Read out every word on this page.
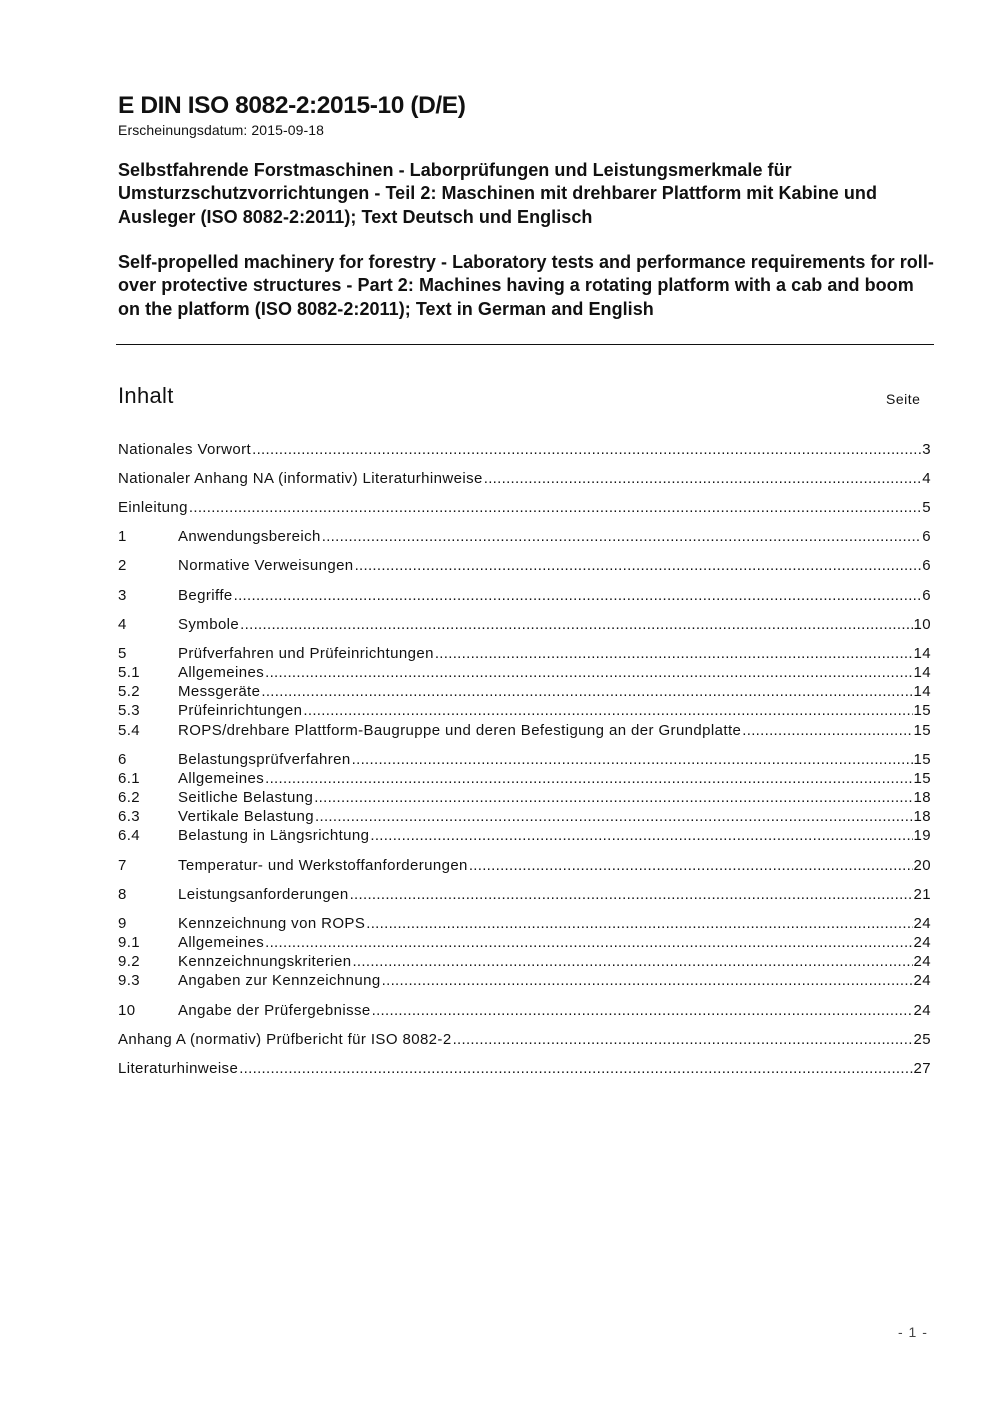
E DIN ISO 8082-2:2015-10 (D/E)
Erscheinungsdatum: 2015-09-18
Selbstfahrende Forstmaschinen - Laborprüfungen und Leistungsmerkmale für Umsturzschutzvorrichtungen - Teil 2: Maschinen mit drehbarer Plattform mit Kabine und Ausleger (ISO 8082-2:2011); Text Deutsch und Englisch
Self-propelled machinery for forestry - Laboratory tests and performance requirements for roll-over protective structures - Part 2: Machines having a rotating platform with a cab and boom on the platform (ISO 8082-2:2011); Text in German and English
Inhalt	Seite
Nationales Vorwort .....	3
Nationaler Anhang NA (informativ) Literaturhinweise .....	4
Einleitung .....	5
1	Anwendungsbereich .....	6
2	Normative Verweisungen .....	6
3	Begriffe .....	6
4	Symbole .....	10
5	Prüfverfahren und Prüfeinrichtungen .....	14
5.1	Allgemeines .....	14
5.2	Messgeräte .....	14
5.3	Prüfeinrichtungen .....	15
5.4	ROPS/drehbare Plattform-Baugruppe und deren Befestigung an der Grundplatte .....	15
6	Belastungsprüfverfahren .....	15
6.1	Allgemeines .....	15
6.2	Seitliche Belastung .....	18
6.3	Vertikale Belastung .....	18
6.4	Belastung in Längsrichtung .....	19
7	Temperatur- und Werkstoffanforderungen .....	20
8	Leistungsanforderungen .....	21
9	Kennzeichnung von ROPS .....	24
9.1	Allgemeines .....	24
9.2	Kennzeichnungskriterien .....	24
9.3	Angaben zur Kennzeichnung .....	24
10	Angabe der Prüfergebnisse .....	24
Anhang A (normativ) Prüfbericht für ISO 8082-2 .....	25
Literaturhinweise .....	27
- 1 -
